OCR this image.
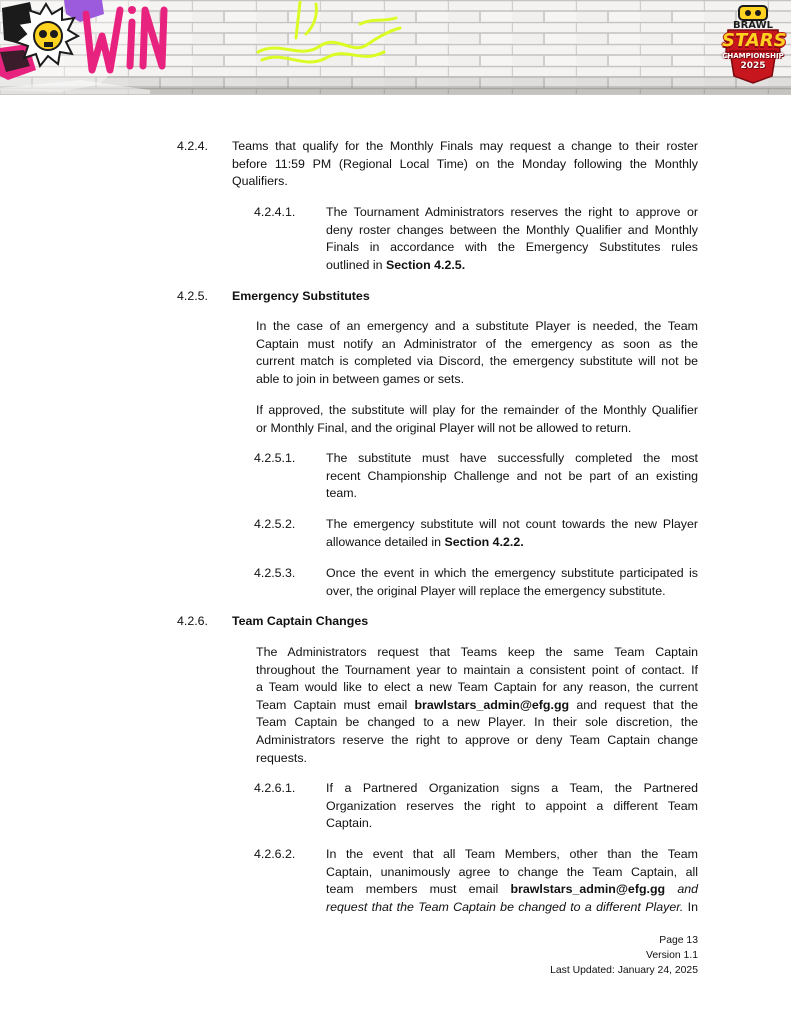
BRAWL
STARS
CHAMPIONSHIP
2025
4.2.4. Teams that qualify for the Monthly Finals may request a change to their roster
before 11:59 PM (Regional Local Time) on the Monday following the Monthly
Qualifiers.
4.2.4.1. The Tournament Administrators reserves the right to approve or
deny roster changes between the Monthly Qualifier and Monthly
Finals in accordance with the Emergency Substitutes rules
outlined in Section 4.2.5.
4.2.5. Emergency Substitutes
In the case of an emergency and a substitute Player is needed, the Team
Captain must notify an Administrator of the emergency as soon as the
current match is completed via Discord, the emergency substitute will not be
able to join in between games or sets.
If approved, the substitute will play for the remainder of the Monthly Qualifier
or Monthly Final, and the original Player will not be allowed to return.
4.2.5.1. The substitute must have successfully completed the most
recent Championship Challenge and not be part of an existing
team.
4.2.5.2. The emergency substitute will not count towards the new Player
allowance detailed in Section 4.2.2.
4.2.5.3. Once the event in which the emergency substitute participated is
over, the original Player will replace the emergency substitute.
4.2.6. Team Captain Changes
The Administrators request that Teams keep the same Team Captain
throughout the Tournament year to maintain a consistent point of contact. If
a Team would like to elect a new Team Captain for any reason, the current
Team Captain must email brawlstars_admin@efg.gg and request that the
Team Captain be changed to a new Player. In their sole discretion, the
Administrators reserve the right to approve or deny Team Captain change
requests.
4.2.6.1. If a Partnered Organization signs a Team, the Partnered
Organization reserves the right to appoint a different Team
Captain.
4.2.6.2. In the event that all Team Members, other than the Team
Captain, unanimously agree to change the Team Captain, all
team members must email brawlstars_admin@efg.gg and
request that the Team Captain be changed to a different Player. In
Page 13
Version 1.1
Last Updated: January 24, 2025
